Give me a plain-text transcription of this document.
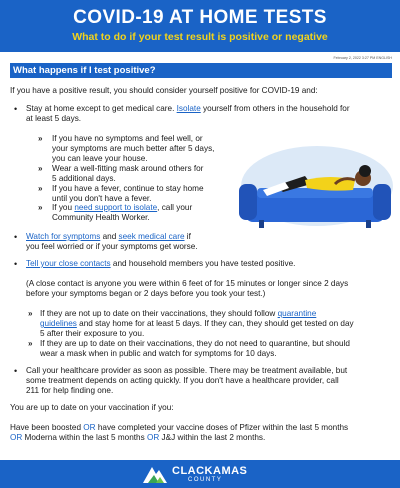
COVID-19 AT HOME TESTS
What to do if your test result is positive or negative
February 2, 2022 3:27 PM ENGLISH
What happens if I test positive?
If you have a positive result, you should consider yourself positive for COVID-19 and:
• Stay at home except to get medical care. Isolate yourself from others in the household for
at least 5 days.
» If you have no symptoms and feel well, or
your symptoms are much better after 5 days,
you can leave your house.
» Wear a well-fitting mask around others for
5 additional days.
» If you have a fever, continue to stay home
until you don't have a fever.
» If you need support to isolate, call your
Community Health Worker.
• Watch for symptoms and seek medical care if
you feel worried or if your symptoms get worse.
• Tell your close contacts and household members you have tested positive.
(A close contact is anyone you were within 6 feet of for 15 minutes or longer since 2 days
before your symptoms began or 2 days before you took your test.)
» If they are not up to date on their vaccinations, they should follow quarantine
guidelines and stay home for at least 5 days. If they can, they should get tested on day
5 after their exposure to you.
» If they are up to date on their vaccinations, they do not need to quarantine, but should
wear a mask when in public and watch for symptoms for 10 days.
• Call your healthcare provider as soon as possible. There may be treatment available, but
some treatment depends on acting quickly. If you don't have a healthcare provider, call
211 for help finding one.
You are up to date on your vaccination if you:
Have been boosted OR have completed your vaccine doses of Pfizer within the last 5 months
OR Moderna within the last 5 months OR J&J within the last 2 months.
CLACKAMAS
COUNTY
